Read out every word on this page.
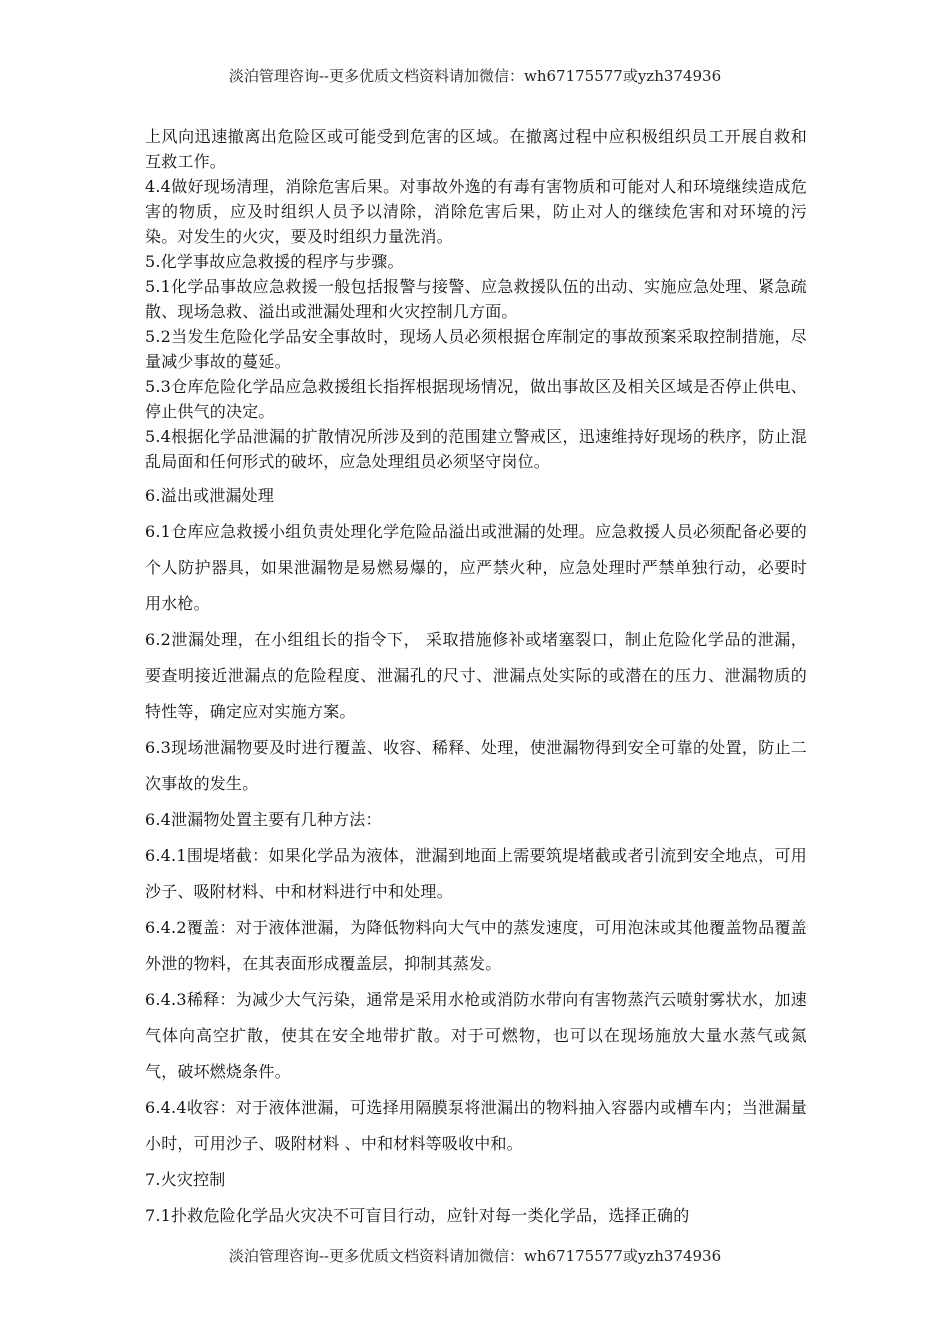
淡泊管理咨询--更多优质文档资料请加微信：wh67175577或yzh374936

上风向迅速撤离出危险区或可能受到危害的区域。在撤离过程中应积极组织员工开展自救和互救工作。

4.4做好现场清理，消除危害后果。对事故外逸的有毒有害物质和可能对人和环境继续造成危害的物质，应及时组织人员予以清除，消除危害后果，防止对人的继续危害和对环境的污染。对发生的火灾，要及时组织力量洗消。

5.化学事故应急救援的程序与步骤。

5.1化学品事故应急救援一般包括报警与接警、应急救援队伍的出动、实施应急处理、紧急疏散、现场急救、溢出或泄漏处理和火灾控制几方面。

5.2当发生危险化学品安全事故时，现场人员必须根据仓库制定的事故预案采取控制措施，尽量减少事故的蔓延。

5.3仓库危险化学品应急救援组长指挥根据现场情况，做出事故区及相关区域是否停止供电、停止供气的决定。

5.4根据化学品泄漏的扩散情况所涉及到的范围建立警戒区，迅速维持好现场的秩序，防止混乱局面和任何形式的破坏，应急处理组员必须坚守岗位。

6.溢出或泄漏处理

6.1仓库应急救援小组负责处理化学危险品溢出或泄漏的处理。应急救援人员必须配备必要的个人防护器具，如果泄漏物是易燃易爆的，应严禁火种，应急处理时严禁单独行动，必要时用水枪。

6.2泄漏处理，在小组组长的指令下， 采取措施修补或堵塞裂口，制止危险化学品的泄漏，要查明接近泄漏点的危险程度、泄漏孔的尺寸、泄漏点处实际的或潜在的压力、泄漏物质的特性等，确定应对实施方案。

6.3现场泄漏物要及时进行覆盖、收容、稀释、处理，使泄漏物得到安全可靠的处置，防止二次事故的发生。

6.4泄漏物处置主要有几种方法：

6.4.1围堤堵截：如果化学品为液体，泄漏到地面上需要筑堤堵截或者引流到安全地点，可用沙子、吸附材料、中和材料进行中和处理。

6.4.2覆盖：对于液体泄漏，为降低物料向大气中的蒸发速度，可用泡沫或其他覆盖物品覆盖外泄的物料，在其表面形成覆盖层，抑制其蒸发。

6.4.3稀释：为减少大气污染，通常是采用水枪或消防水带向有害物蒸汽云喷射雾状水，加速气体向高空扩散，使其在安全地带扩散。对于可燃物，也可以在现场施放大量水蒸气或氮气，破坏燃烧条件。

6.4.4收容：对于液体泄漏，可选择用隔膜泵将泄漏出的物料抽入容器内或槽车内；当泄漏量小时，可用沙子、吸附材料 、中和材料等吸收中和。

7.火灾控制

7.1扑救危险化学品火灾决不可盲目行动，应针对每一类化学品，选择正确的

淡泊管理咨询--更多优质文档资料请加微信：wh67175577或yzh374936
